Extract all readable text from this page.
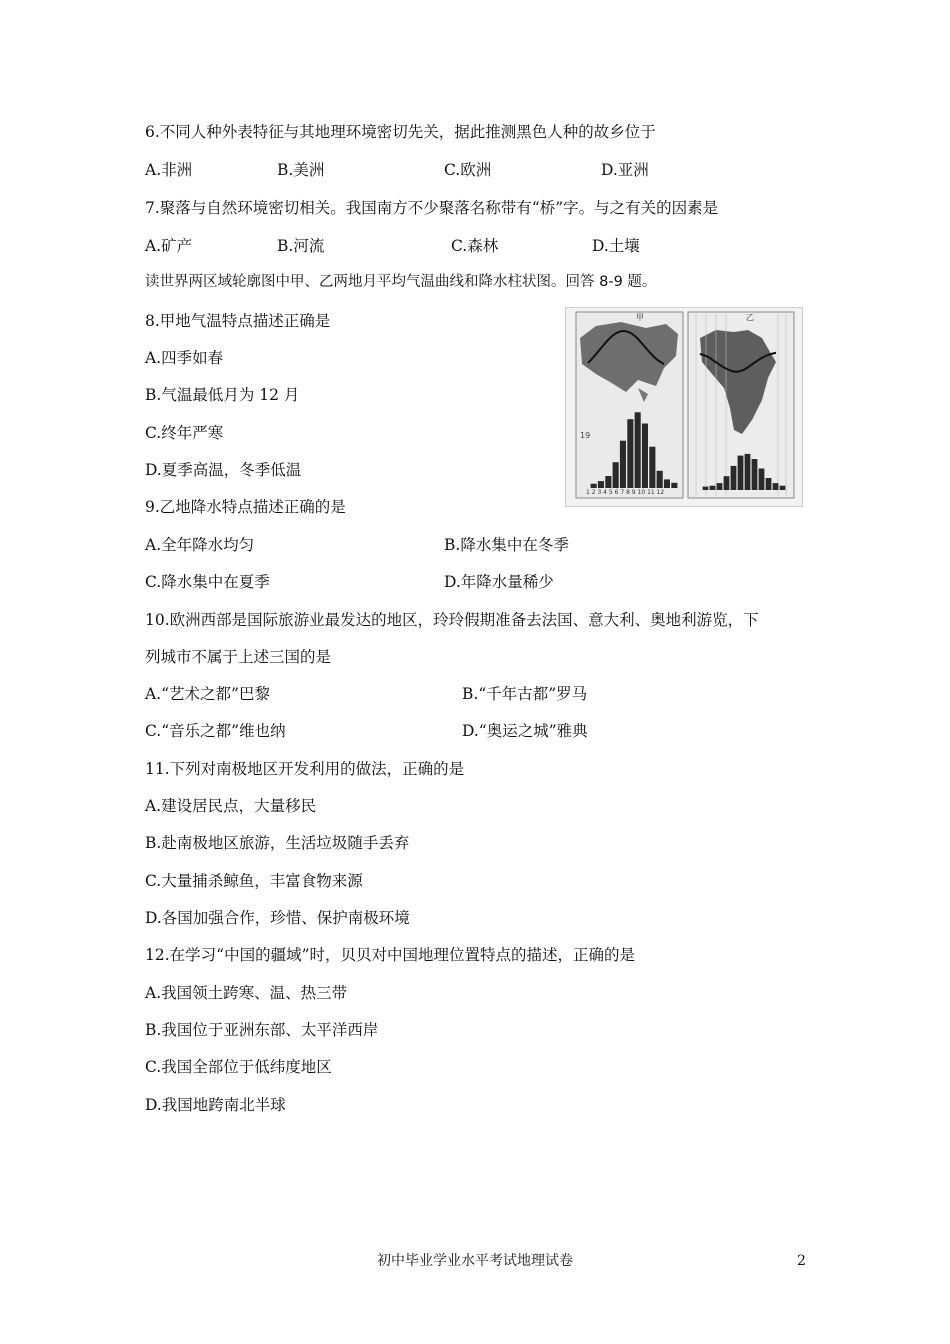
6.不同人种外表特征与其地理环境密切先关，据此推测黑色人种的故乡位于
A.非洲	B.美洲	C.欧洲	D.亚洲
7.聚落与自然环境密切相关。我国南方不少聚落名称带有“桥”字。与之有关的因素是
A.矿产	B.河流	C.森林	D.土壤
读世界两区域轮廓图中甲、乙两地月平均气温曲线和降水柱状图。回答 8-9 题。
8.甲地气温特点描述正确是
A.四季如春
B.气温最低月为 12 月
C.终年严寒
D.夏季高温，冬季低温
19
1 2 3 4 5 6 7 8 9 10 11 12
甲	乙
9.乙地降水特点描述正确的是
A.全年降水均匀	B.降水集中在冬季
C.降水集中在夏季	D.年降水量稀少
10.欧洲西部是国际旅游业最发达的地区，玲玲假期准备去法国、意大利、奥地利游览，下
列城市不属于上述三国的是
A.“艺术之都”巴黎	B.“千年古都”罗马
C.“音乐之都”维也纳	D.“奥运之城”雅典
11.下列对南极地区开发利用的做法，正确的是
A.建设居民点，大量移民
B.赴南极地区旅游，生活垃圾随手丢弃
C.大量捕杀鲸鱼，丰富食物来源
D.各国加强合作，珍惜、保护南极环境
12.在学习“中国的疆域”时，贝贝对中国地理位置特点的描述，正确的是
A.我国领土跨寒、温、热三带
B.我国位于亚洲东部、太平洋西岸
C.我国全部位于低纬度地区
D.我国地跨南北半球
初中毕业学业水平考试地理试卷	2
